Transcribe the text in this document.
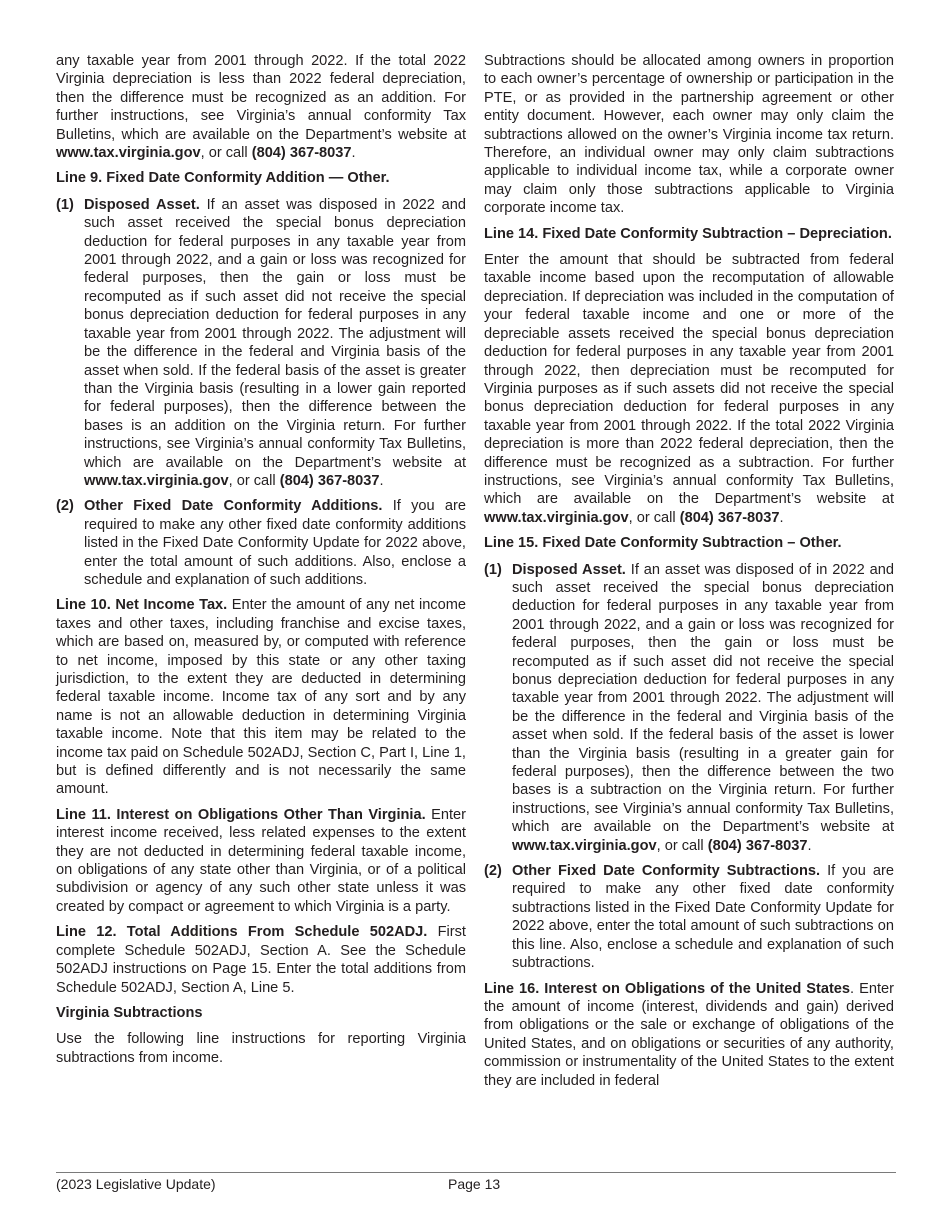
any taxable year from 2001 through 2022. If the total 2022 Virginia depreciation is less than 2022 federal depreciation, then the difference must be recognized as an addition. For further instructions, see Virginia’s annual conformity Tax Bulletins, which are available on the Department’s website at www.tax.virginia.gov, or call (804) 367-8037.

Line 9. Fixed Date Conformity Addition — Other.
(1) Disposed Asset. If an asset was disposed in 2022 and such asset received the special bonus depreciation deduction for federal purposes in any taxable year from 2001 through 2022, and a gain or loss was recognized for federal purposes, then the gain or loss must be recomputed as if such asset did not receive the special bonus depreciation deduction for federal purposes in any taxable year from 2001 through 2022. The adjustment will be the difference in the federal and Virginia basis of the asset when sold. If the federal basis of the asset is greater than the Virginia basis (resulting in a lower gain reported for federal purposes), then the difference between the bases is an addition on the Virginia return. For further instructions, see Virginia’s annual conformity Tax Bulletins, which are available on the Department’s website at www.tax.virginia.gov, or call (804) 367-8037.
(2) Other Fixed Date Conformity Additions. If you are required to make any other fixed date conformity additions listed in the Fixed Date Conformity Update for 2022 above, enter the total amount of such additions. Also, enclose a schedule and explanation of such additions.

Line 10. Net Income Tax. Enter the amount of any net income taxes and other taxes, including franchise and excise taxes, which are based on, measured by, or computed with reference to net income, imposed by this state or any other taxing jurisdiction, to the extent they are deducted in determining federal taxable income. Income tax of any sort and by any name is not an allowable deduction in determining Virginia taxable income. Note that this item may be related to the income tax paid on Schedule 502ADJ, Section C, Part I, Line 1, but is defined differently and is not necessarily the same amount.

Line 11. Interest on Obligations Other Than Virginia. Enter interest income received, less related expenses to the extent they are not deducted in determining federal taxable income, on obligations of any state other than Virginia, or of a political subdivision or agency of any such other state unless it was created by compact or agreement to which Virginia is a party.

Line 12. Total Additions From Schedule 502ADJ. First complete Schedule 502ADJ, Section A. See the Schedule 502ADJ instructions on Page 15. Enter the total additions from Schedule 502ADJ, Section A, Line 5.

Virginia Subtractions

Use the following line instructions for reporting Virginia subtractions from income.

Subtractions should be allocated among owners in proportion to each owner’s percentage of ownership or participation in the PTE, or as provided in the partnership agreement or other entity document. However, each owner may only claim the subtractions allowed on the owner’s Virginia income tax return. Therefore, an individual owner may only claim subtractions applicable to individual income tax, while a corporate owner may claim only those subtractions applicable to Virginia corporate income tax.

Line 14. Fixed Date Conformity Subtraction – Depreciation.

Enter the amount that should be subtracted from federal taxable income based upon the recomputation of allowable depreciation. If depreciation was included in the computation of your federal taxable income and one or more of the depreciable assets received the special bonus depreciation deduction for federal purposes in any taxable year from 2001 through 2022, then depreciation must be recomputed for Virginia purposes as if such assets did not receive the special bonus depreciation deduction for federal purposes in any taxable year from 2001 through 2022. If the total 2022 Virginia depreciation is more than 2022 federal depreciation, then the difference must be recognized as a subtraction. For further instructions, see Virginia’s annual conformity Tax Bulletins, which are available on the Department’s website at www.tax.virginia.gov, or call (804) 367-8037.

Line 15. Fixed Date Conformity Subtraction – Other.
(1) Disposed Asset. If an asset was disposed of in 2022 and such asset received the special bonus depreciation deduction for federal purposes in any taxable year from 2001 through 2022, and a gain or loss was recognized for federal purposes, then the gain or loss must be recomputed as if such asset did not receive the special bonus depreciation deduction for federal purposes in any taxable year from 2001 through 2022. The adjustment will be the difference in the federal and Virginia basis of the asset when sold. If the federal basis of the asset is lower than the Virginia basis (resulting in a greater gain for federal purposes), then the difference between the two bases is a subtraction on the Virginia return. For further instructions, see Virginia’s annual conformity Tax Bulletins, which are available on the Department’s website at www.tax.virginia.gov, or call (804) 367-8037.
(2) Other Fixed Date Conformity Subtractions. If you are required to make any other fixed date conformity subtractions listed in the Fixed Date Conformity Update for 2022 above, enter the total amount of such subtractions on this line. Also, enclose a schedule and explanation of such subtractions.

Line 16. Interest on Obligations of the United States. Enter the amount of income (interest, dividends and gain) derived from obligations or the sale or exchange of obligations of the United States, and on obligations or securities of any authority, commission or instrumentality of the United States to the extent they are included in federal

(2023 Legislative Update)	Page 13
